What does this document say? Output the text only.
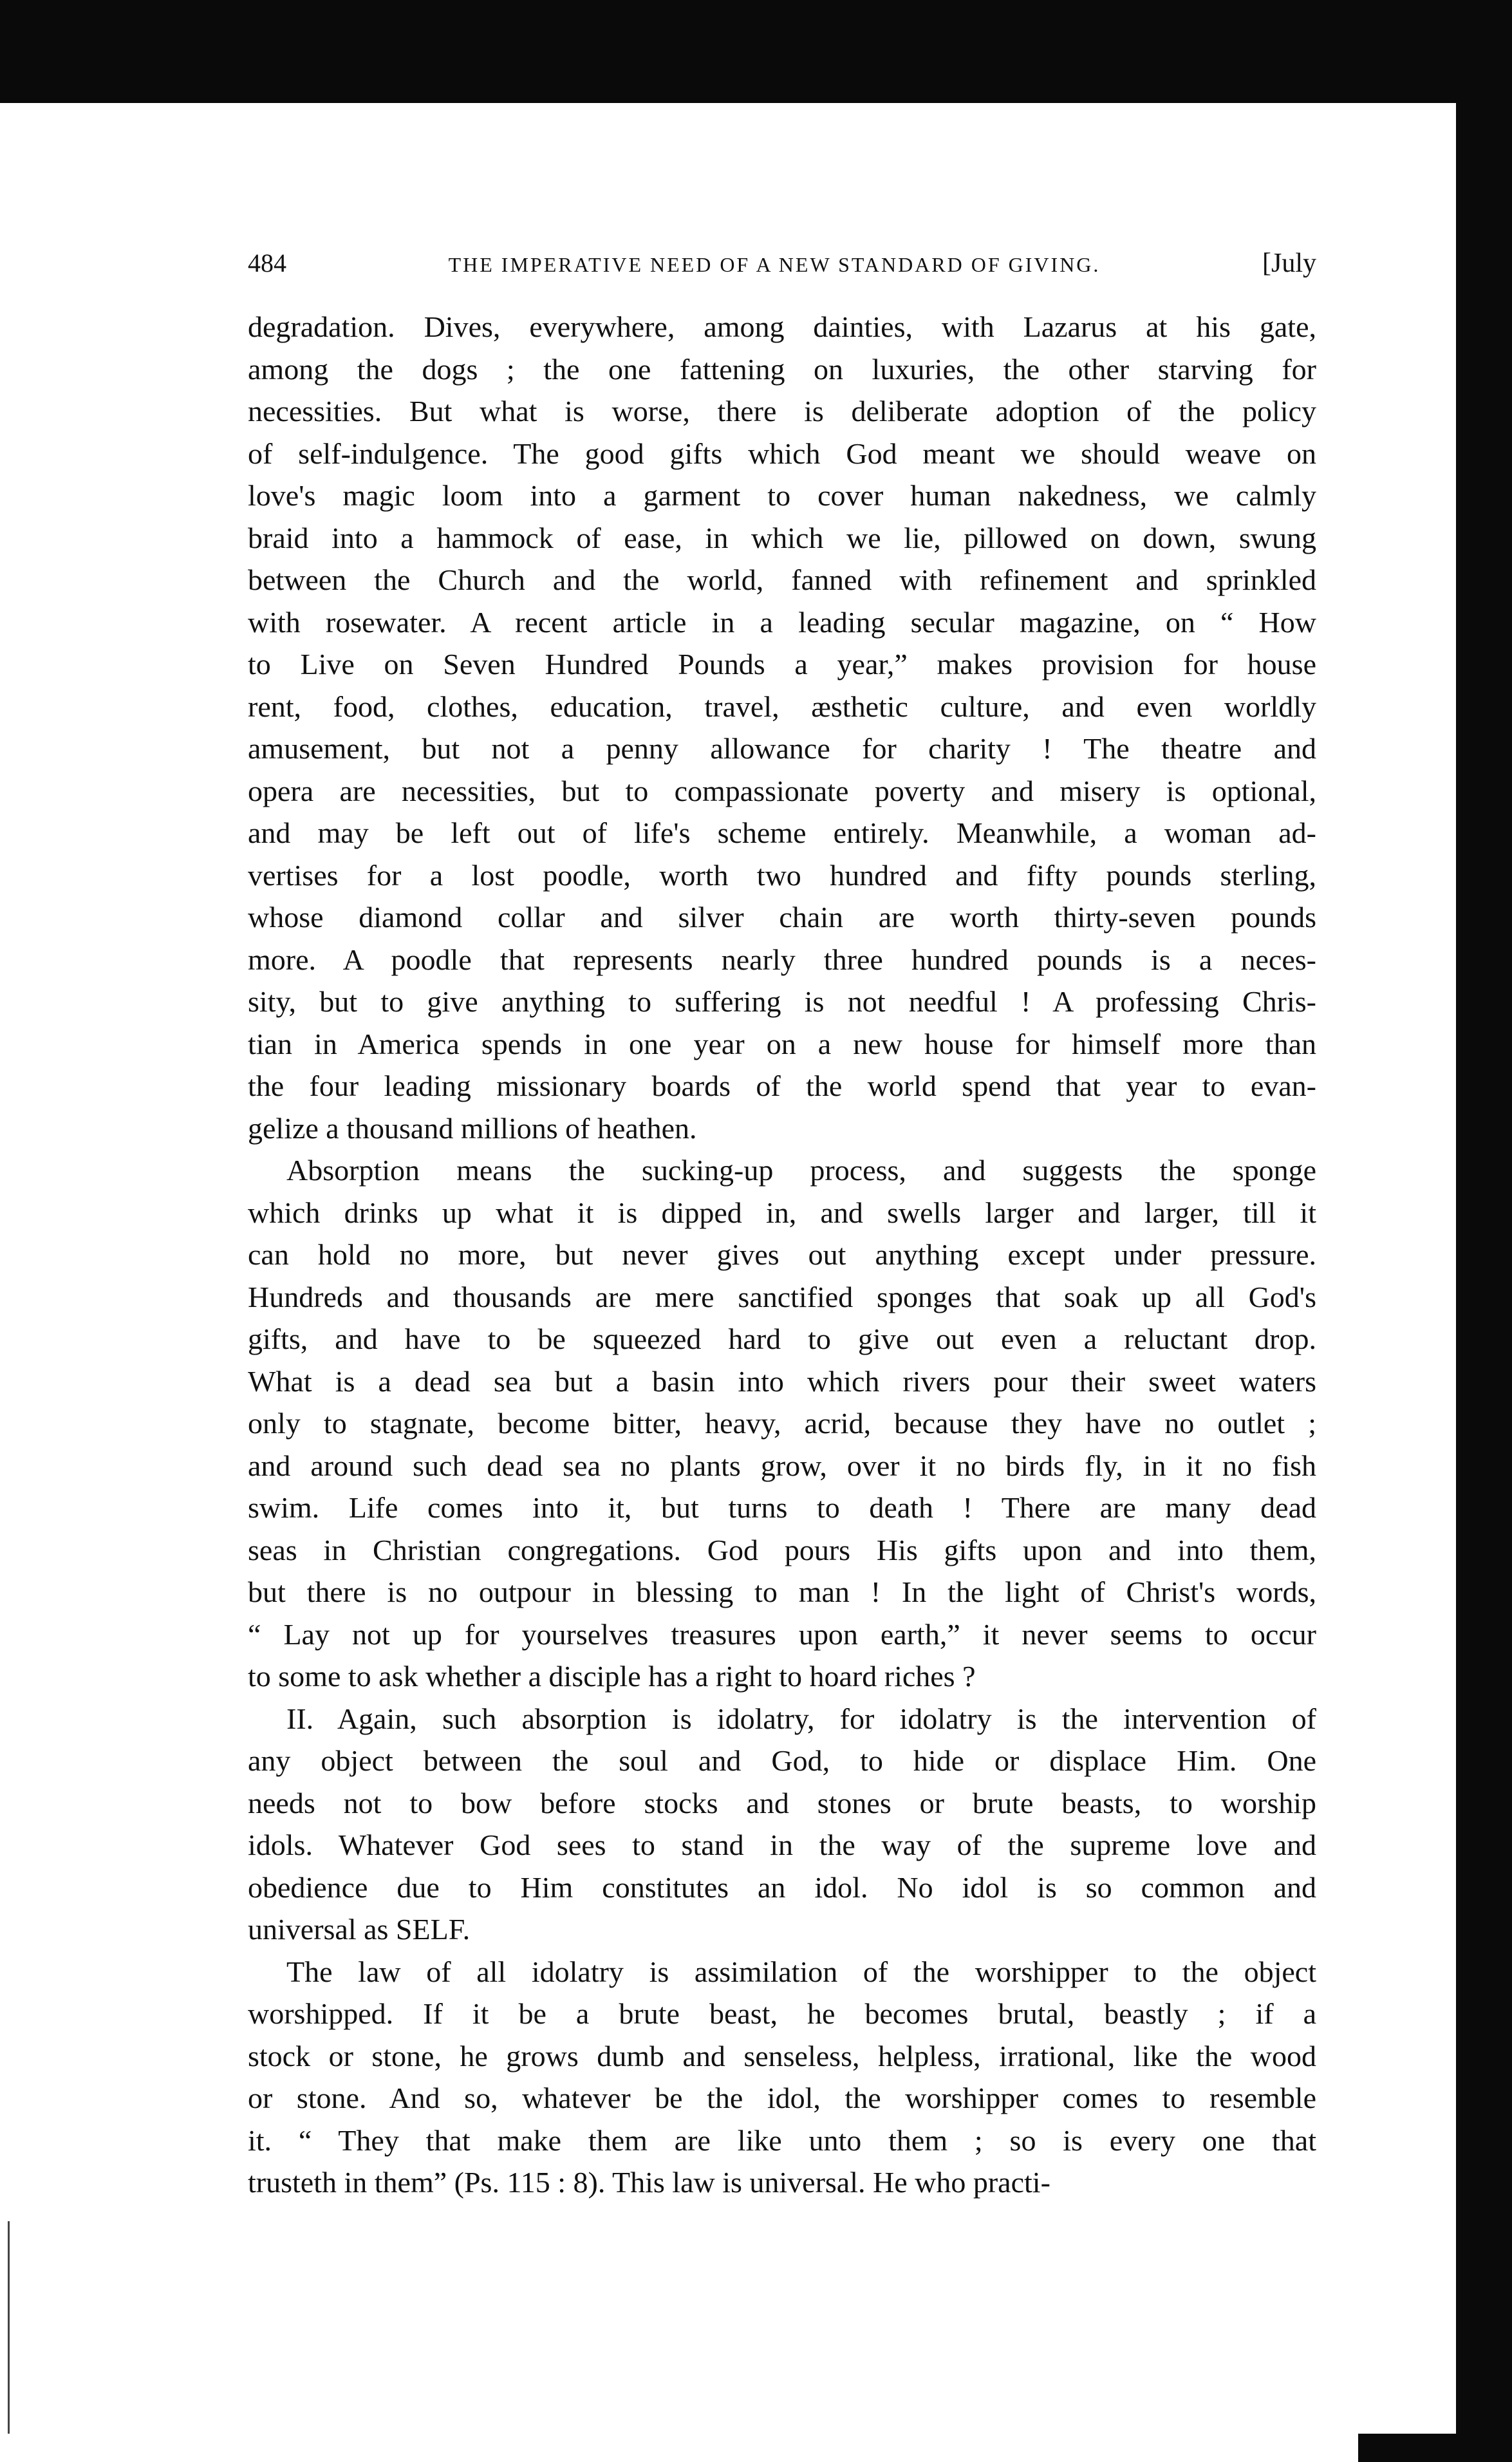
484	THE IMPERATIVE NEED OF A NEW STANDARD OF GIVING.	[July
degradation. Dives, everywhere, among dainties, with Lazarus at his gate,
among the dogs ; the one fattening on luxuries, the other starving for
necessities. But what is worse, there is deliberate adoption of the policy
of self-indulgence. The good gifts which God meant we should weave on
love's magic loom into a garment to cover human nakedness, we calmly
braid into a hammock of ease, in which we lie, pillowed on down, swung
between the Church and the world, fanned with refinement and sprinkled
with rosewater. A recent article in a leading secular magazine, on “ How
to Live on Seven Hundred Pounds a year,” makes provision for house
rent, food, clothes, education, travel, æsthetic culture, and even worldly
amusement, but not a penny allowance for charity ! The theatre and
opera are necessities, but to compassionate poverty and misery is optional,
and may be left out of life's scheme entirely. Meanwhile, a woman ad-
vertises for a lost poodle, worth two hundred and fifty pounds sterling,
whose diamond collar and silver chain are worth thirty-seven pounds
more. A poodle that represents nearly three hundred pounds is a neces-
sity, but to give anything to suffering is not needful ! A professing Chris-
tian in America spends in one year on a new house for himself more than
the four leading missionary boards of the world spend that year to evan-
gelize a thousand millions of heathen.
Absorption means the sucking-up process, and suggests the sponge
which drinks up what it is dipped in, and swells larger and larger, till it
can hold no more, but never gives out anything except under pressure.
Hundreds and thousands are mere sanctified sponges that soak up all God's
gifts, and have to be squeezed hard to give out even a reluctant drop.
What is a dead sea but a basin into which rivers pour their sweet waters
only to stagnate, become bitter, heavy, acrid, because they have no outlet ;
and around such dead sea no plants grow, over it no birds fly, in it no fish
swim. Life comes into it, but turns to death ! There are many dead
seas in Christian congregations. God pours His gifts upon and into them,
but there is no outpour in blessing to man ! In the light of Christ's words,
“ Lay not up for yourselves treasures upon earth,” it never seems to occur
to some to ask whether a disciple has a right to hoard riches ?
II. Again, such absorption is idolatry, for idolatry is the intervention of
any object between the soul and God, to hide or displace Him. One
needs not to bow before stocks and stones or brute beasts, to worship
idols. Whatever God sees to stand in the way of the supreme love and
obedience due to Him constitutes an idol. No idol is so common and
universal as SELF.
The law of all idolatry is assimilation of the worshipper to the object
worshipped. If it be a brute beast, he becomes brutal, beastly ; if a
stock or stone, he grows dumb and senseless, helpless, irrational, like the wood
or stone. And so, whatever be the idol, the worshipper comes to resemble
it. “ They that make them are like unto them ; so is every one that
trusteth in them” (Ps. 115 : 8). This law is universal. He who practi-
